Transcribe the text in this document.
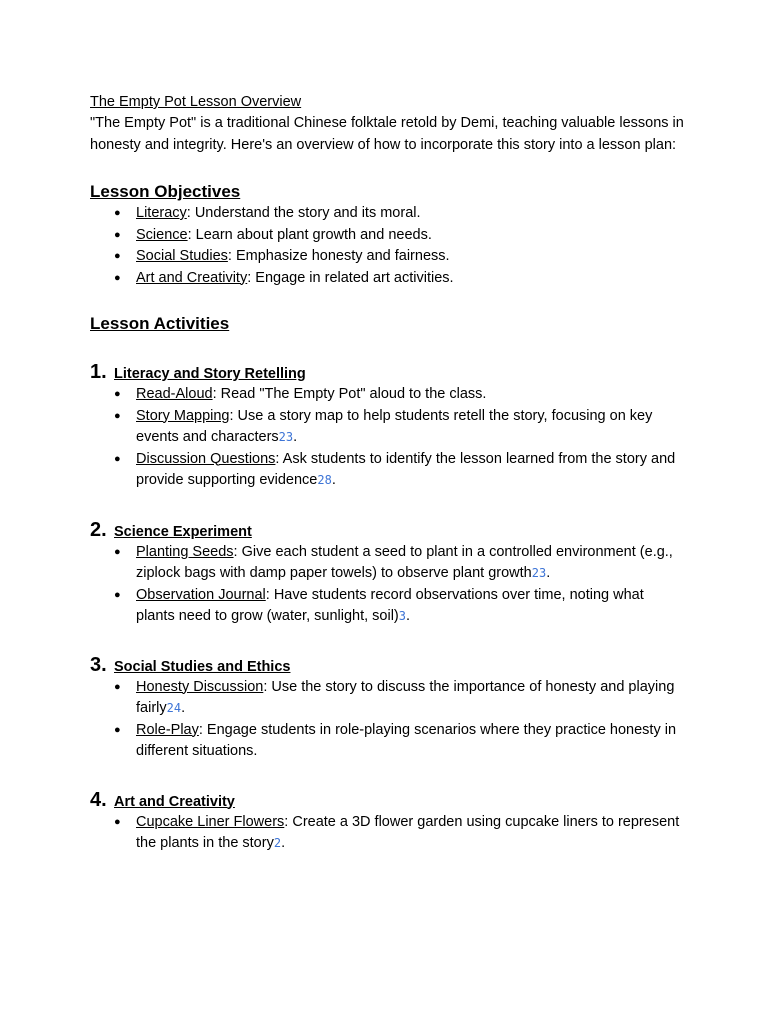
The Empty Pot Lesson Overview

"The Empty Pot" is a traditional Chinese folktale retold by Demi, teaching valuable lessons in honesty and integrity. Here's an overview of how to incorporate this story into a lesson plan:

Lesson Objectives
● Literacy: Understand the story and its moral.
● Science: Learn about plant growth and needs.
● Social Studies: Emphasize honesty and fairness.
● Art and Creativity: Engage in related art activities.
Lesson Activities
1. Literacy and Story Retelling
● Read-Aloud: Read "The Empty Pot" aloud to the class.
● Story Mapping: Use a story map to help students retell the story, focusing on key events and characters23.
● Discussion Questions: Ask students to identify the lesson learned from the story and provide supporting evidence28.
2. Science Experiment
● Planting Seeds: Give each student a seed to plant in a controlled environment (e.g., ziplock bags with damp paper towels) to observe plant growth23.
● Observation Journal: Have students record observations over time, noting what plants need to grow (water, sunlight, soil)3.
3. Social Studies and Ethics
● Honesty Discussion: Use the story to discuss the importance of honesty and playing fairly24.
● Role-Play: Engage students in role-playing scenarios where they practice honesty in different situations.
4. Art and Creativity
● Cupcake Liner Flowers: Create a 3D flower garden using cupcake liners to represent the plants in the story2.
